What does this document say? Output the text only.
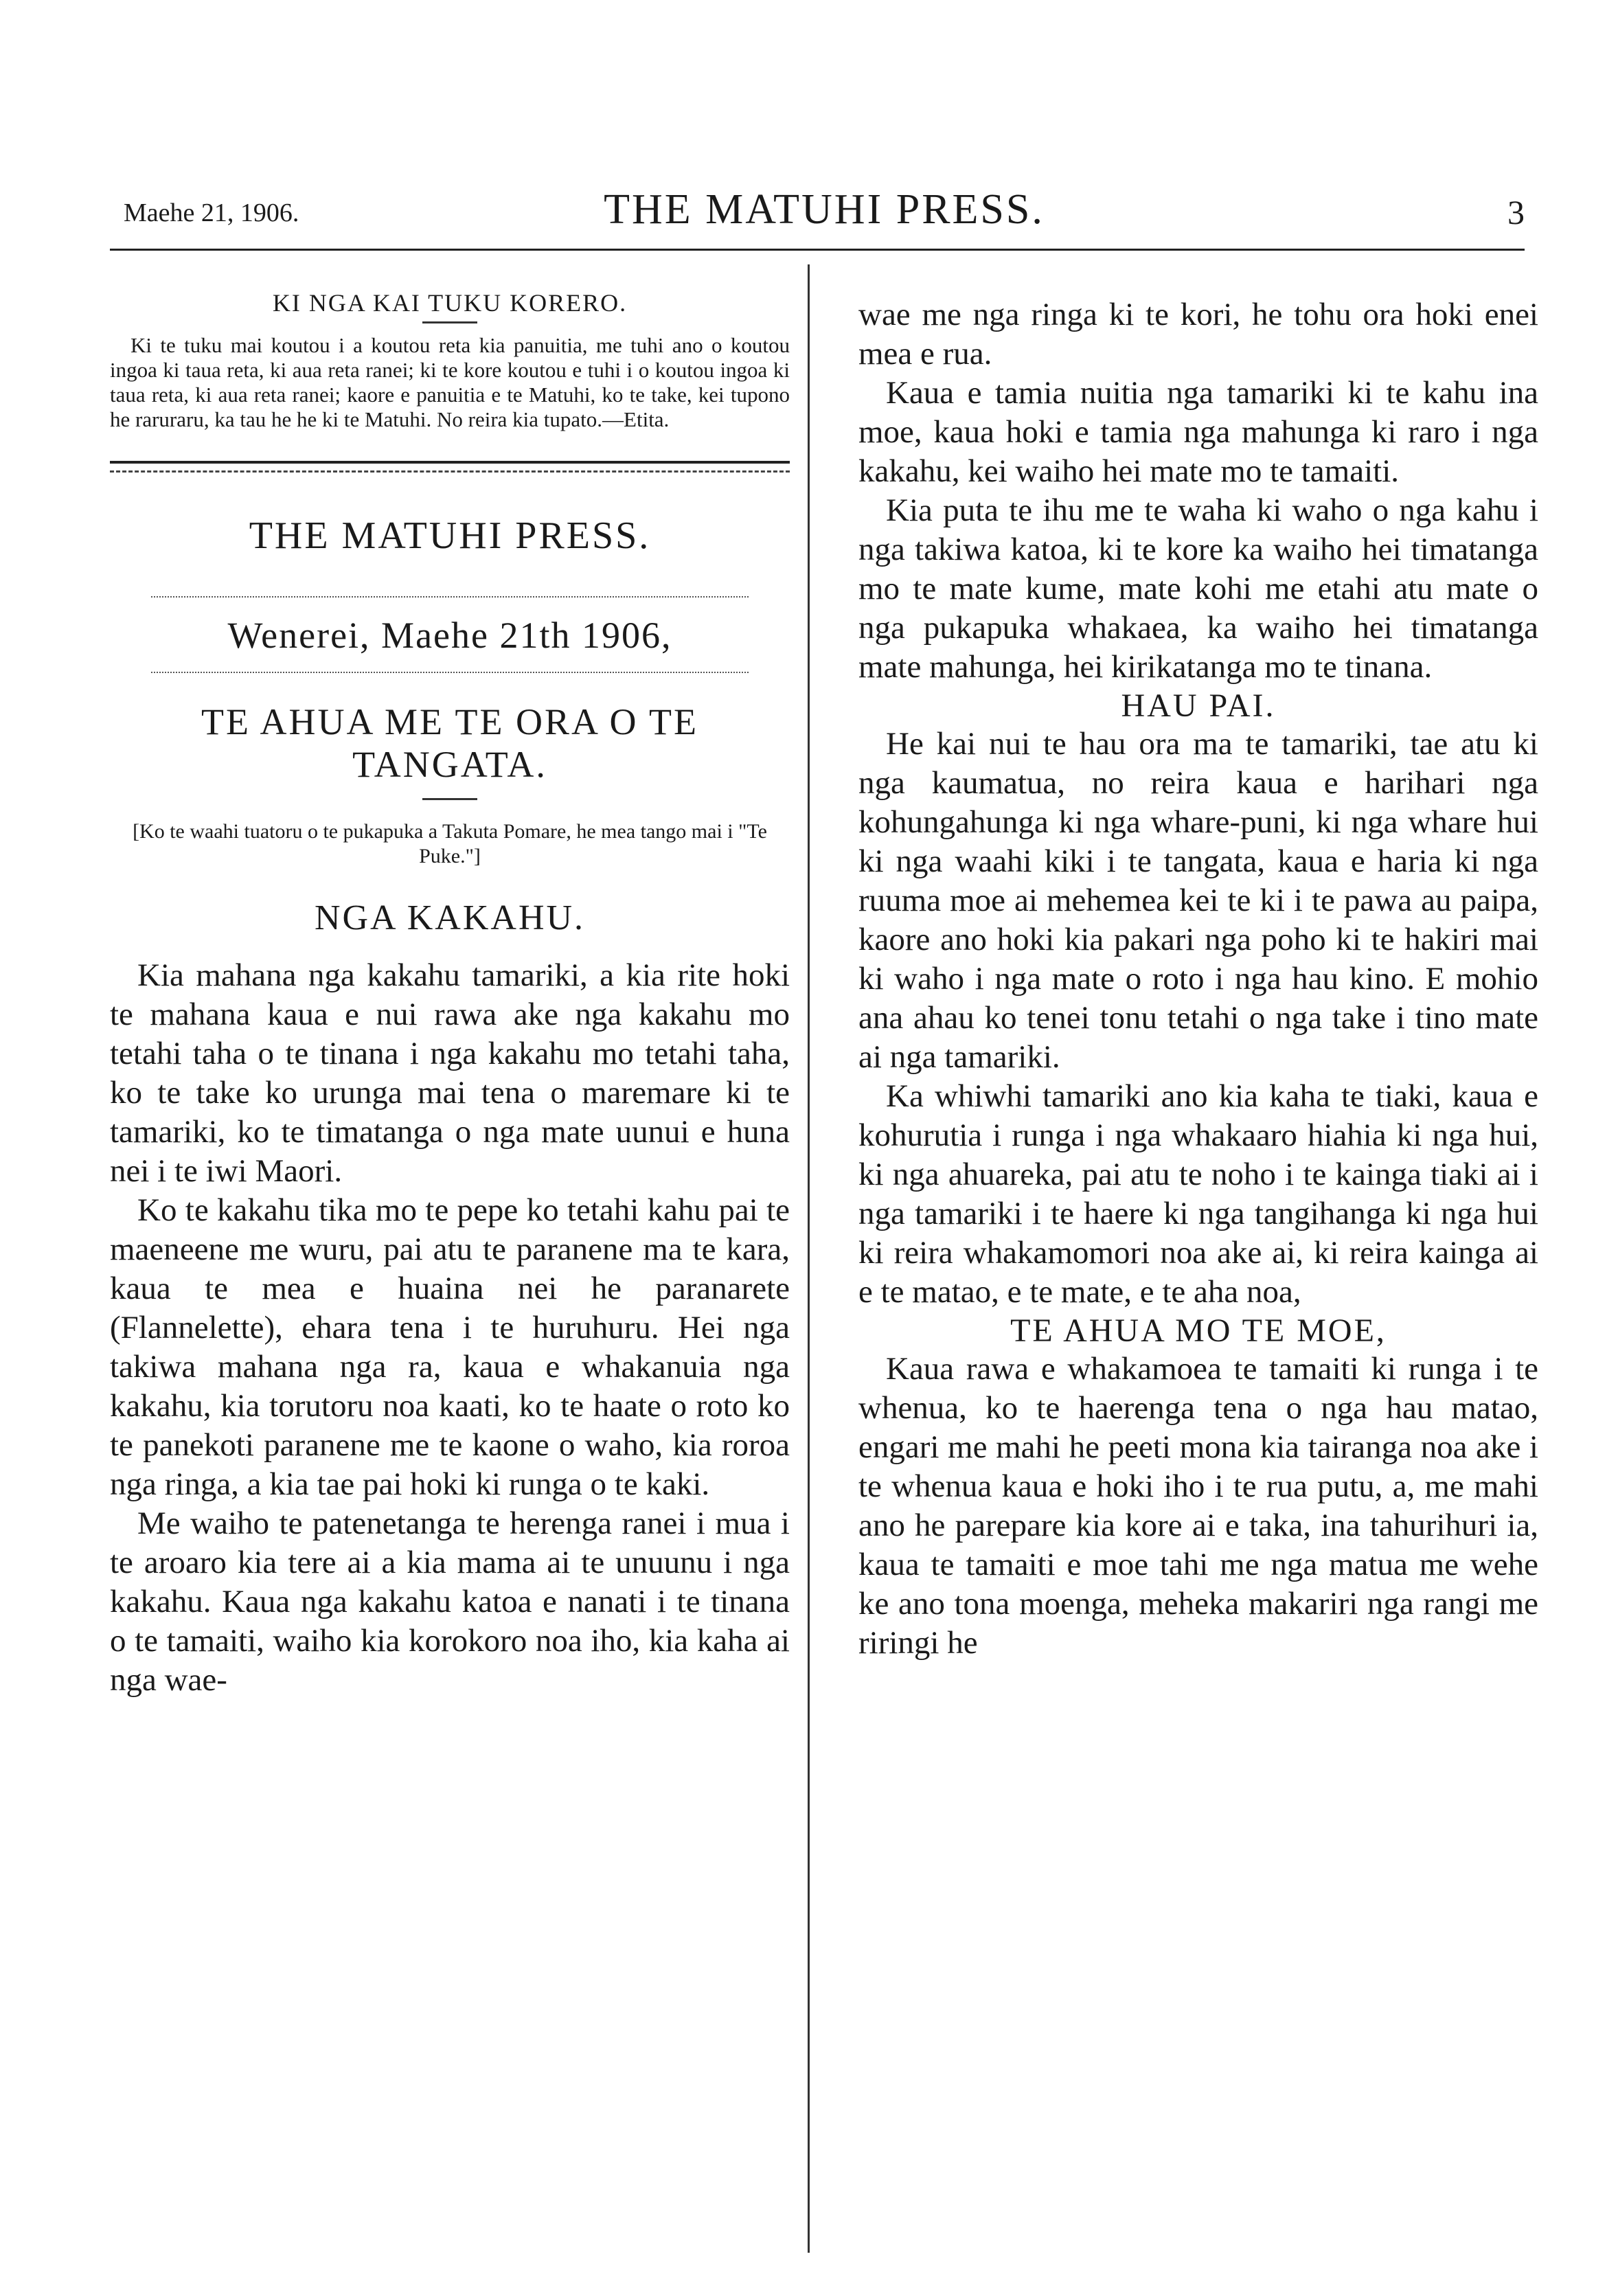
Maehe 21, 1906.	THE MATUHI PRESS.	3
KI NGA KAI TUKU KORERO.

Ki te tuku mai koutou i a koutou reta kia panuitia, me tuhi ano o koutou ingoa ki taua reta, ki aua reta ranei; ki te kore koutou e tuhi i o koutou ingoa ki taua reta, ki aua reta ranei; kaore e panuitia e te Matuhi, ko te take, kei tupono he raruraru, ka tau he he ki te Matuhi. No reira kia tupato.—Etita.

THE MATUHI PRESS.
Wenerei, Maehe 21th 1906,
TE AHUA ME TE ORA O TE TANGATA.
[Ko te waahi tuatoru o te pukapuka a Takuta Pomare, he mea tango mai i "Te Puke."]
NGA KAKAHU.

Kia mahana nga kakahu tamariki, a kia rite hoki te mahana kaua e nui rawa ake nga kakahu mo tetahi taha o te tinana i nga kakahu mo tetahi taha, ko te take ko urunga mai tena o maremare ki te tamariki, ko te timatanga o nga mate uunui e huna nei i te iwi Maori.

Ko te kakahu tika mo te pepe ko tetahi kahu pai te maeneene me wuru, pai atu te paranene ma te kara, kaua te mea e huaina nei he paranarete (Flannelette), ehara tena i te huruhuru. Hei nga takiwa mahana nga ra, kaua e whakanuia nga kakahu, kia torutoru noa kaati, ko te haate o roto ko te panekoti paranene me te kaone o waho, kia roroa nga ringa, a kia tae pai hoki ki runga o te kaki.

Me waiho te patenetanga te herenga ranei i mua i te aroaro kia tere ai a kia mama ai te unuunu i nga kakahu. Kaua nga kakahu katoa e nanati i te tinana o te tamaiti, waiho kia korokoro noa iho, kia kaha ai nga wae-

wae me nga ringa ki te kori, he tohu ora hoki enei mea e rua.

Kaua e tamia nuitia nga tamariki ki te kahu ina moe, kaua hoki e tamia nga mahunga ki raro i nga kakahu, kei waiho hei mate mo te tamaiti.

Kia puta te ihu me te waha ki waho o nga kahu i nga takiwa katoa, ki te kore ka waiho hei timatanga mo te mate kume, mate kohi me etahi atu mate o nga pukapuka whakaea, ka waiho hei timatanga mate mahunga, hei kirikatanga mo te tinana.

HAU PAI.

He kai nui te hau ora ma te tamariki, tae atu ki nga kaumatua, no reira kaua e harihari nga kohungahunga ki nga whare-puni, ki nga whare hui ki nga waahi kiki i te tangata, kaua e haria ki nga ruuma moe ai mehemea kei te ki i te pawa au paipa, kaore ano hoki kia pakari nga poho ki te hakiri mai ki waho i nga mate o roto i nga hau kino. E mohio ana ahau ko tenei tonu tetahi o nga take i tino mate ai nga tamariki.

Ka whiwhi tamariki ano kia kaha te tiaki, kaua e kohurutia i runga i nga whakaaro hiahia ki nga hui, ki nga ahuareka, pai atu te noho i te kainga tiaki ai i nga tamariki i te haere ki nga tangihanga ki nga hui ki reira whakamomori noa ake ai, ki reira kainga ai e te matao, e te mate, e te aha noa,

TE AHUA MO TE MOE,

Kaua rawa e whakamoea te tamaiti ki runga i te whenua, ko te haerenga tena o nga hau matao, engari me mahi he peeti mona kia tairanga noa ake i te whenua kaua e hoki iho i te rua putu, a, me mahi ano he parepare kia kore ai e taka, ina tahurihuri ia, kaua te tamaiti e moe tahi me nga matua me wehe ke ano tona moenga, meheka makariri nga rangi me riringi he
